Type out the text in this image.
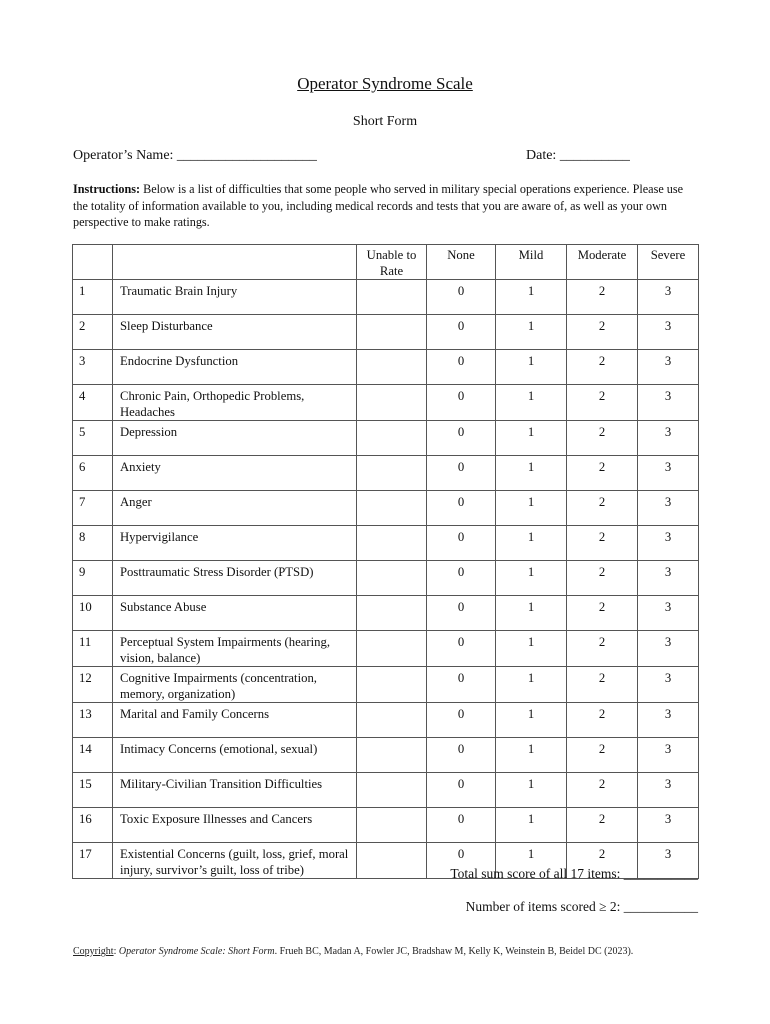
Operator Syndrome Scale
Short Form
Operator’s Name: ____________________	Date: __________
Instructions: Below is a list of difficulties that some people who served in military special operations experience. Please use the totality of information available to you, including medical records and tests that you are aware of, as well as your own perspective to make ratings.
		Unable to Rate	None	Mild	Moderate	Severe
1	Traumatic Brain Injury		0	1	2	3
2	Sleep Disturbance		0	1	2	3
3	Endocrine Dysfunction		0	1	2	3
4	Chronic Pain, Orthopedic Problems, Headaches		0	1	2	3
5	Depression		0	1	2	3
6	Anxiety		0	1	2	3
7	Anger		0	1	2	3
8	Hypervigilance		0	1	2	3
9	Posttraumatic Stress Disorder (PTSD)		0	1	2	3
10	Substance Abuse		0	1	2	3
11	Perceptual System Impairments (hearing, vision, balance)		0	1	2	3
12	Cognitive Impairments (concentration, memory, organization)		0	1	2	3
13	Marital and Family Concerns		0	1	2	3
14	Intimacy Concerns (emotional, sexual)		0	1	2	3
15	Military-Civilian Transition Difficulties		0	1	2	3
16	Toxic Exposure Illnesses and Cancers		0	1	2	3
17	Existential Concerns (guilt, loss, grief, moral injury, survivor’s guilt, loss of tribe)		0	1	2	3
Total sum score of all 17 items: ___________
Number of items scored ≥ 2: ___________
Copyright: Operator Syndrome Scale: Short Form. Frueh BC, Madan A, Fowler JC, Bradshaw M, Kelly K, Weinstein B, Beidel DC (2023).
